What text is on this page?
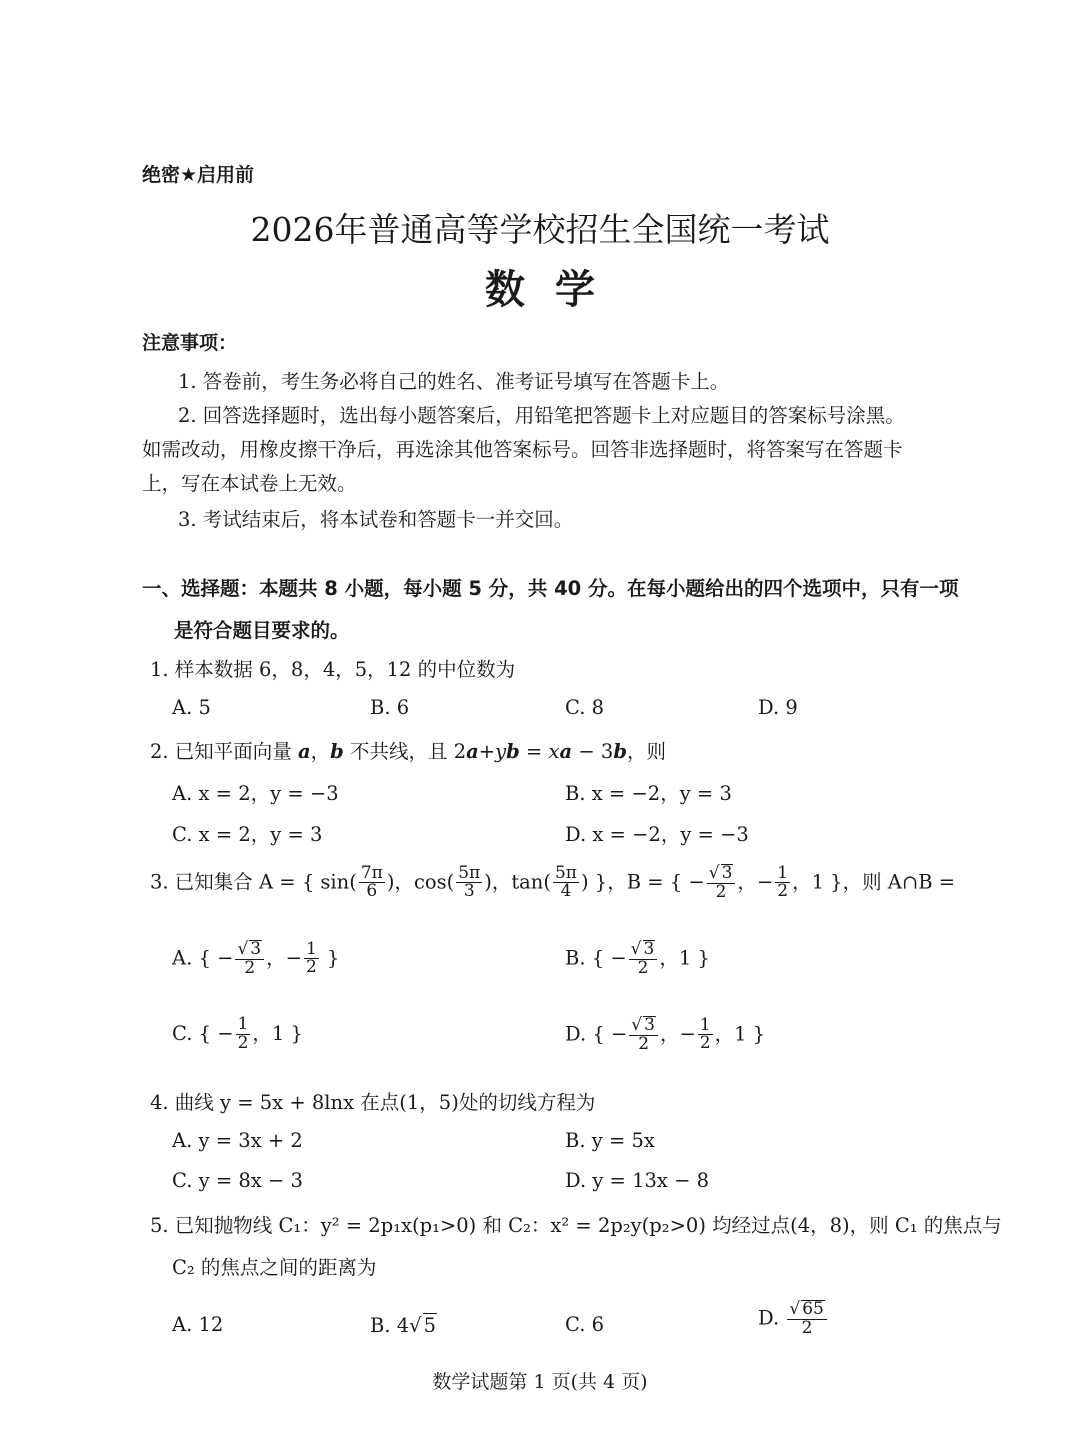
绝密★启用前
2026年普通高等学校招生全国统一考试
数学
注意事项：
1. 答卷前，考生务必将自己的姓名、准考证号填写在答题卡上。
2. 回答选择题时，选出每小题答案后，用铅笔把答题卡上对应题目的答案标号涂黑。
如需改动，用橡皮擦干净后，再选涂其他答案标号。回答非选择题时，将答案写在答题卡
上，写在本试卷上无效。
3. 考试结束后，将本试卷和答题卡一并交回。
一、选择题：本题共 8 小题，每小题 5 分，共 40 分。在每小题给出的四个选项中，只有一项
是符合题目要求的。
1. 样本数据 6，8，4，5，12 的中位数为
A. 5	B. 6	C. 8	D. 9
2. 已知平面向量 a，b 不共线，且 2a+yb = xa − 3b，则
A. x = 2，y = −3	B. x = −2，y = 3
C. x = 2，y = 3	D. x = −2，y = −3
3. 已知集合 A = { $\sin( \frac{7\pi}{6}$ )，$\cos( \frac{5\pi}{3}$ )，$\tan( \frac{5\pi}{4}$ ) }，B = { − $\frac{√ 3}{2}$ ，− $\frac{1}{2}$ ，1 }，则 A∩B =
A. { − $\frac{√ 3}{2}$ ，− $\frac{1}{2}$ }	B. { − $\frac{√ 3}{2}$ ，1 }
C. { − $\frac{1}{2}$ ，1 }	D. { − $\frac{√ 3}{2}$ ，− $\frac{1}{2}$ ，1 }
4. 曲线 y = 5x + 8lnx 在点(1，5)处的切线方程为
A. y = 3x + 2	B. y = 5x
C. y = 8x − 3	D. y = 13x − 8
5. 已知抛物线 C₁：y² = 2p₁x(p₁>0) 和 C₂：x² = 2p₂y(p₂>0) 均经过点(4，8)，则 C₁ 的焦点与
C₂ 的焦点之间的距离为
A. 12	B. 4√ 5	C. 6	D. $\frac{√ 65}{2}$
数学试题第 1 页(共 4 页)
